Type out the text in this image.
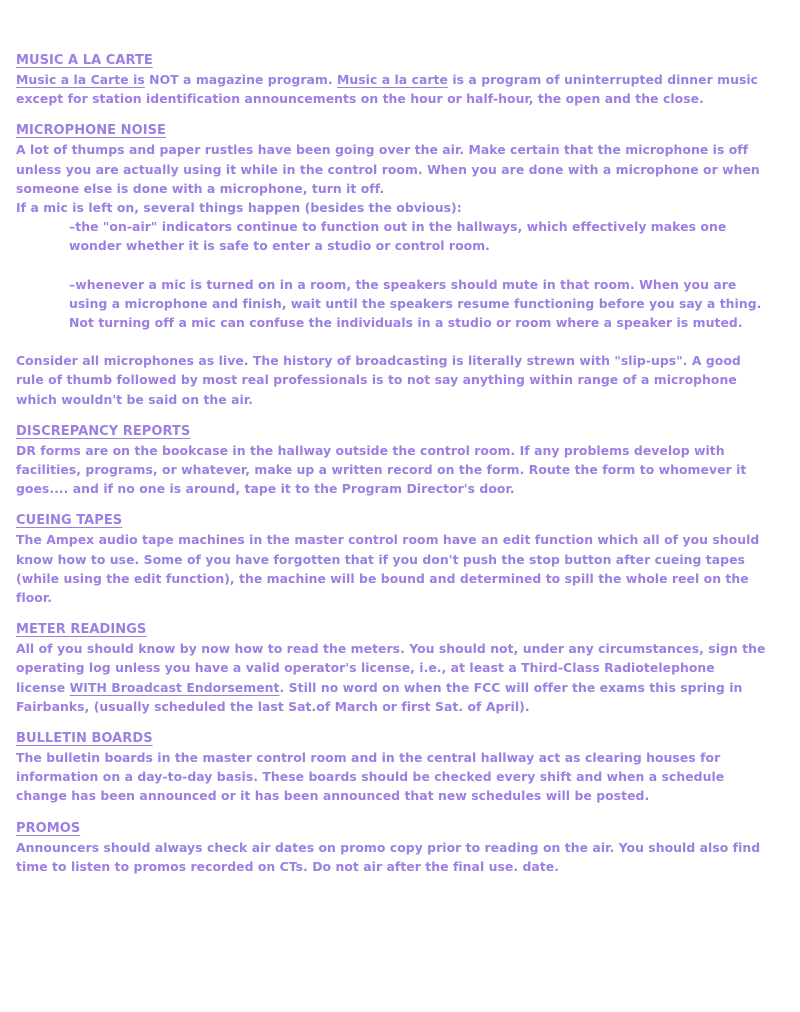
MUSIC A LA CARTE
Music a la Carte is NOT a magazine program. Music a la carte is a program of uninterrupted dinner music except for station identification announcements on the hour or half-hour, the open and the close.
MICROPHONE NOISE
A lot of thumps and paper rustles have been going over the air. Make certain that the microphone is off unless you are actually using it while in the control room. When you are done with a microphone or when someone else is done with a microphone, turn it off.
If a mic is left on, several things happen (besides the obvious):
–the "on-air" indicators continue to function out in the hallways, which effectively makes one wonder whether it is safe to enter a studio or control room.
–whenever a mic is turned on in a room, the speakers should mute in that room. When you are using a microphone and finish, wait until the speakers resume functioning before you say a thing.
Not turning off a mic can confuse the individuals in a studio or room where a speaker is muted.
Consider all microphones as live. The history of broadcasting is literally strewn with "slip-ups". A good rule of thumb followed by most real professionals is to not say anything within range of a microphone which wouldn't be said on the air.
DISCREPANCY REPORTS
DR forms are on the bookcase in the hallway outside the control room. If any problems develop with facilities, programs, or whatever, make up a written record on the form. Route the form to whomever it goes.... and if no one is around, tape it to the Program Director's door.
CUEING TAPES
The Ampex audio tape machines in the master control room have an edit function which all of you should know how to use. Some of you have forgotten that if you don't push the stop button after cueing tapes (while using the edit function), the machine will be bound and determined to spill the whole reel on the floor.
METER READINGS
All of you should know by now how to read the meters. You should not, under any circumstances, sign the operating log unless you have a valid operator's license, i.e., at least a Third-Class Radiotelephone license WITH Broadcast Endorsement. Still no word on when the FCC will offer the exams this spring in Fairbanks, (usually scheduled the last Sat.of March or first Sat. of April).
BULLETIN BOARDS
The bulletin boards in the master control room and in the central hallway act as clearing houses for information on a day-to-day basis. These boards should be checked every shift and when a schedule change has been announced or it has been announced that new schedules will be posted.
PROMOS
Announcers should always check air dates on promo copy prior to reading on the air. You should also find time to listen to promos recorded on CTs. Do not air after the final use. date.
